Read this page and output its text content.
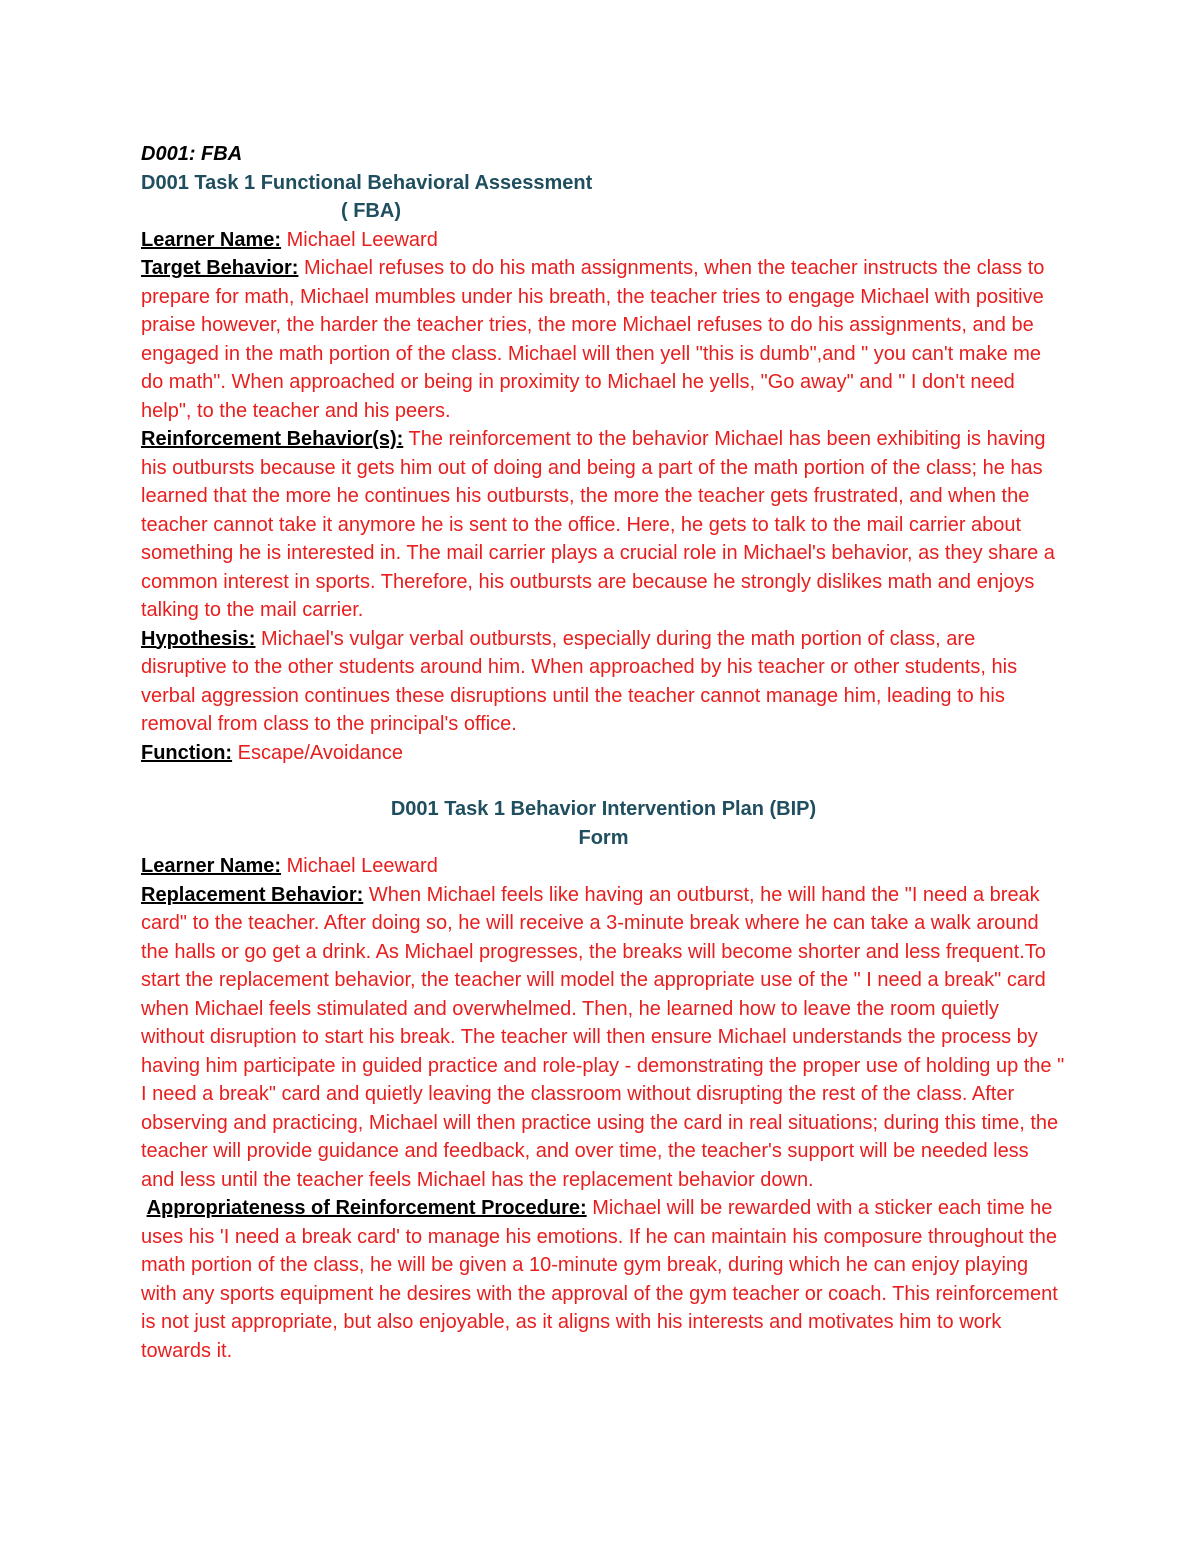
D001: FBA

D001 Task 1 Functional Behavioral Assessment

( FBA)

Learner Name: Michael Leeward

Target Behavior: Michael refuses to do his math assignments, when the teacher instructs the class to prepare for math, Michael mumbles under his breath, the teacher tries to engage Michael with positive praise however, the harder the teacher tries, the more Michael refuses to do his assignments, and be engaged in the math portion of the class. Michael will then yell "this is dumb",and " you can't make me do math". When approached or being in proximity to Michael he yells, "Go away" and " I don't need help", to the teacher and his peers.

Reinforcement Behavior(s): The reinforcement to the behavior Michael has been exhibiting is having his outbursts because it gets him out of doing and being a part of the math portion of the class; he has learned that the more he continues his outbursts, the more the teacher gets frustrated, and when the teacher cannot take it anymore he is sent to the office. Here, he gets to talk to the mail carrier about something he is interested in. The mail carrier plays a crucial role in Michael's behavior, as they share a common interest in sports. Therefore, his outbursts are because he strongly dislikes math and enjoys talking to the mail carrier.

Hypothesis: Michael's vulgar verbal outbursts, especially during the math portion of class, are disruptive to the other students around him. When approached by his teacher or other students, his verbal aggression continues these disruptions until the teacher cannot manage him, leading to his removal from class to the principal's office.

Function: Escape/Avoidance

D001 Task 1 Behavior Intervention Plan (BIP)

Form

Learner Name: Michael Leeward

Replacement Behavior: When Michael feels like having an outburst, he will hand the "I need a break card" to the teacher. After doing so, he will receive a 3-minute break where he can take a walk around the halls or go get a drink. As Michael progresses, the breaks will become shorter and less frequent.To start the replacement behavior, the teacher will model the appropriate use of the " I need a break" card when Michael feels stimulated and overwhelmed. Then, he learned how to leave the room quietly without disruption to start his break. The teacher will then ensure Michael understands the process by having him participate in guided practice and role-play - demonstrating the proper use of holding up the " I need a break" card and quietly leaving the classroom without disrupting the rest of the class. After observing and practicing, Michael will then practice using the card in real situations; during this time, the teacher will provide guidance and feedback, and over time, the teacher's support will be needed less and less until the teacher feels Michael has the replacement behavior down.

Appropriateness of Reinforcement Procedure: Michael will be rewarded with a sticker each time he uses his 'I need a break card' to manage his emotions. If he can maintain his composure throughout the math portion of the class, he will be given a 10-minute gym break, during which he can enjoy playing with any sports equipment he desires with the approval of the gym teacher or coach. This reinforcement is not just appropriate, but also enjoyable, as it aligns with his interests and motivates him to work towards it.
